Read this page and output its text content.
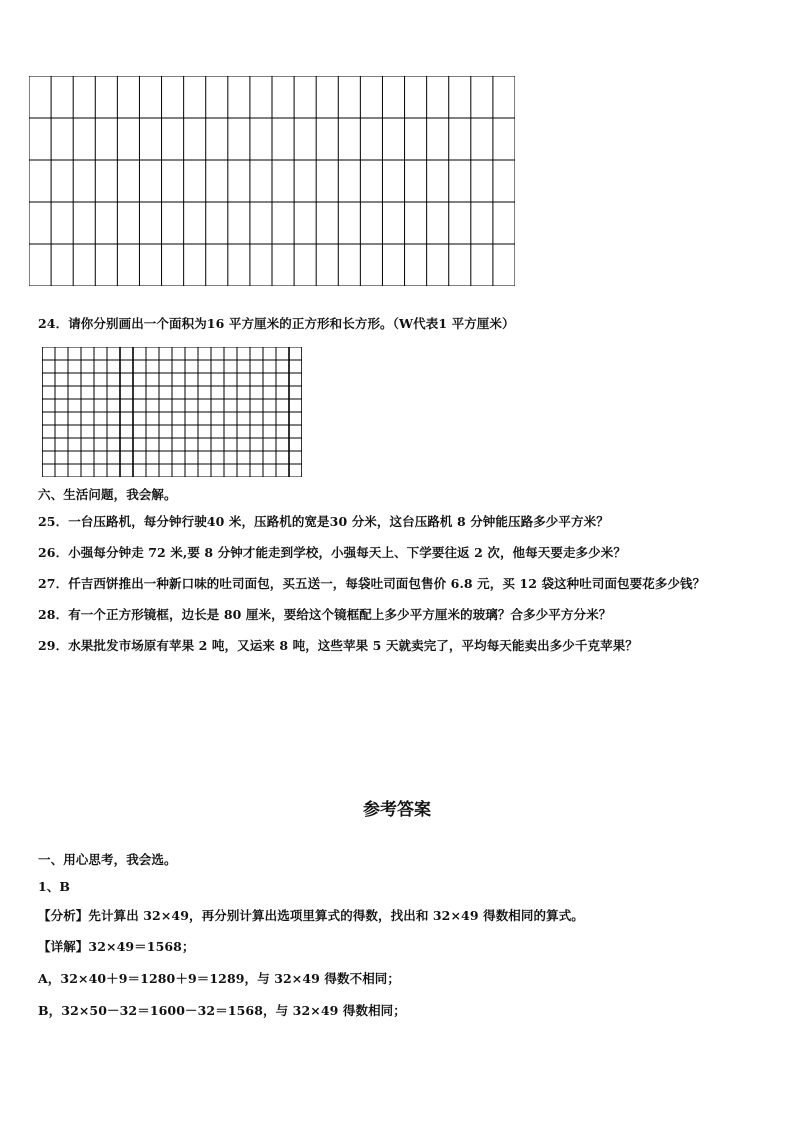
24．请你分别画出一个面积为16 平方厘米的正方形和长方形。（W代表1 平方厘米）
六、生活问题，我会解。
25．一台压路机，每分钟行驶40 米，压路机的宽是30 分米，这台压路机 8 分钟能压路多少平方米？
26．小强每分钟走 72 米,要 8 分钟才能走到学校，小强每天上、下学要往返 2 次，他每天要走多少米？
27．仟吉西饼推出一种新口味的吐司面包，买五送一，每袋吐司面包售价 6.8 元，买 12 袋这种吐司面包要花多少钱？
28．有一个正方形镜框，边长是 80 厘米，要给这个镜框配上多少平方厘米的玻璃？合多少平方分米？
29．水果批发市场原有苹果 2 吨，又运来 8 吨，这些苹果 5 天就卖完了，平均每天能卖出多少千克苹果？
参考答案
一、用心思考，我会选。
1、B
【分析】先计算出 32×49，再分别计算出选项里算式的得数，找出和 32×49 得数相同的算式。
【详解】32×49＝1568；
A，32×40＋9＝1280＋9＝1289，与 32×49 得数不相同；
B，32×50－32＝1600－32＝1568，与 32×49 得数相同；
